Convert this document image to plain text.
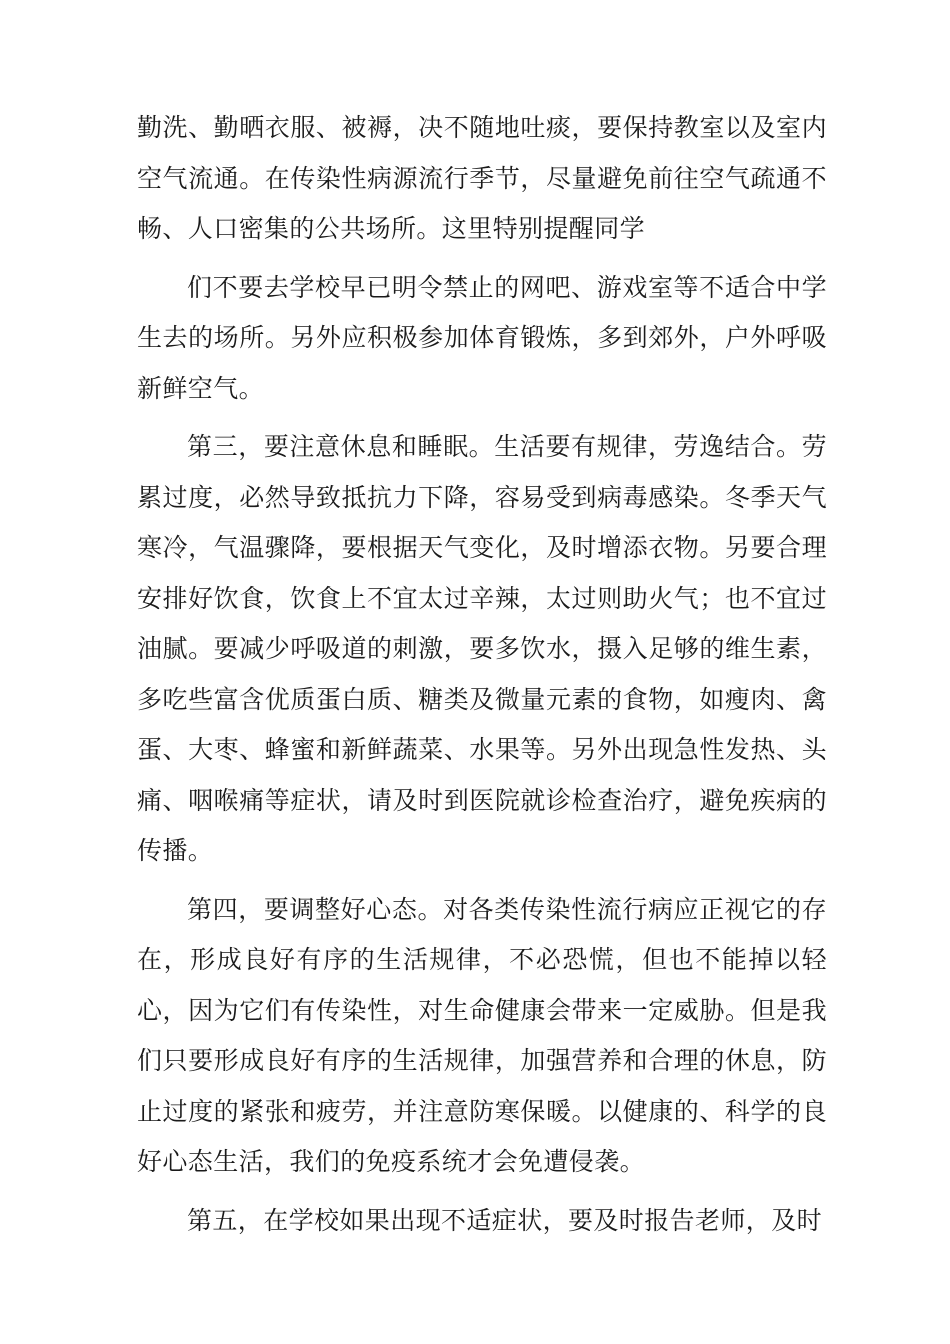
勤洗、勤晒衣服、被褥，决不随地吐痰，要保持教室以及室内空气流通。在传染性病源流行季节，尽量避免前往空气疏通不畅、人口密集的公共场所。这里特别提醒同学

们不要去学校早已明令禁止的网吧、游戏室等不适合中学生去的场所。另外应积极参加体育锻炼，多到郊外，户外呼吸新鲜空气。

第三，要注意休息和睡眠。生活要有规律，劳逸结合。劳累过度，必然导致抵抗力下降，容易受到病毒感染。冬季天气寒冷，气温骤降，要根据天气变化，及时增添衣物。另要合理安排好饮食，饮食上不宜太过辛辣，太过则助火气；也不宜过油腻。要减少呼吸道的刺激，要多饮水，摄入足够的维生素，多吃些富含优质蛋白质、糖类及微量元素的食物，如瘦肉、禽蛋、大枣、蜂蜜和新鲜蔬菜、水果等。另外出现急性发热、头痛、咽喉痛等症状，请及时到医院就诊检查治疗，避免疾病的传播。

第四，要调整好心态。对各类传染性流行病应正视它的存在，形成良好有序的生活规律，不必恐慌，但也不能掉以轻心，因为它们有传染性，对生命健康会带来一定威胁。但是我们只要形成良好有序的生活规律，加强营养和合理的休息，防止过度的紧张和疲劳，并注意防寒保暖。以健康的、科学的良好心态生活，我们的免疫系统才会免遭侵袭。

第五，在学校如果出现不适症状，要及时报告老师，及时
